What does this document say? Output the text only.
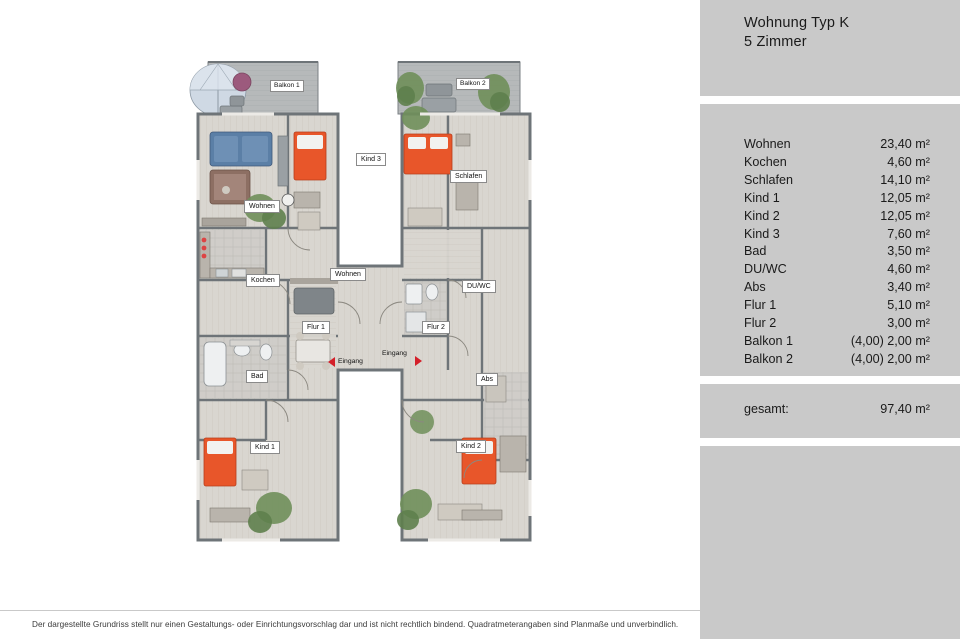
Balkon 1	Balkon 2
Wohnen
Kochen
Kind 3
Schlafen
Wohnen
DU/WC
Flur 1	Flur 2
Bad	Abs
Kind 1	Kind 2
Eingang
Eingang
Wohnung Typ K
5 Zimmer
Wohnen	23,40 m²
Kochen	4,60 m²
Schlafen	14,10 m²
Kind 1	12,05 m²
Kind 2	12,05 m²
Kind 3	7,60 m²
Bad	3,50 m²
DU/WC	4,60 m²
Abs	3,40 m²
Flur 1	5,10 m²
Flur 2	3,00 m²
Balkon 1	(4,00) 2,00 m²
Balkon 2	(4,00) 2,00 m²
gesamt:	97,40 m²
Der dargestellte Grundriss stellt nur einen Gestaltungs- oder Einrichtungsvorschlag dar und ist nicht rechtlich bindend. Quadratmeterangaben sind Planmaße und unverbindlich.
